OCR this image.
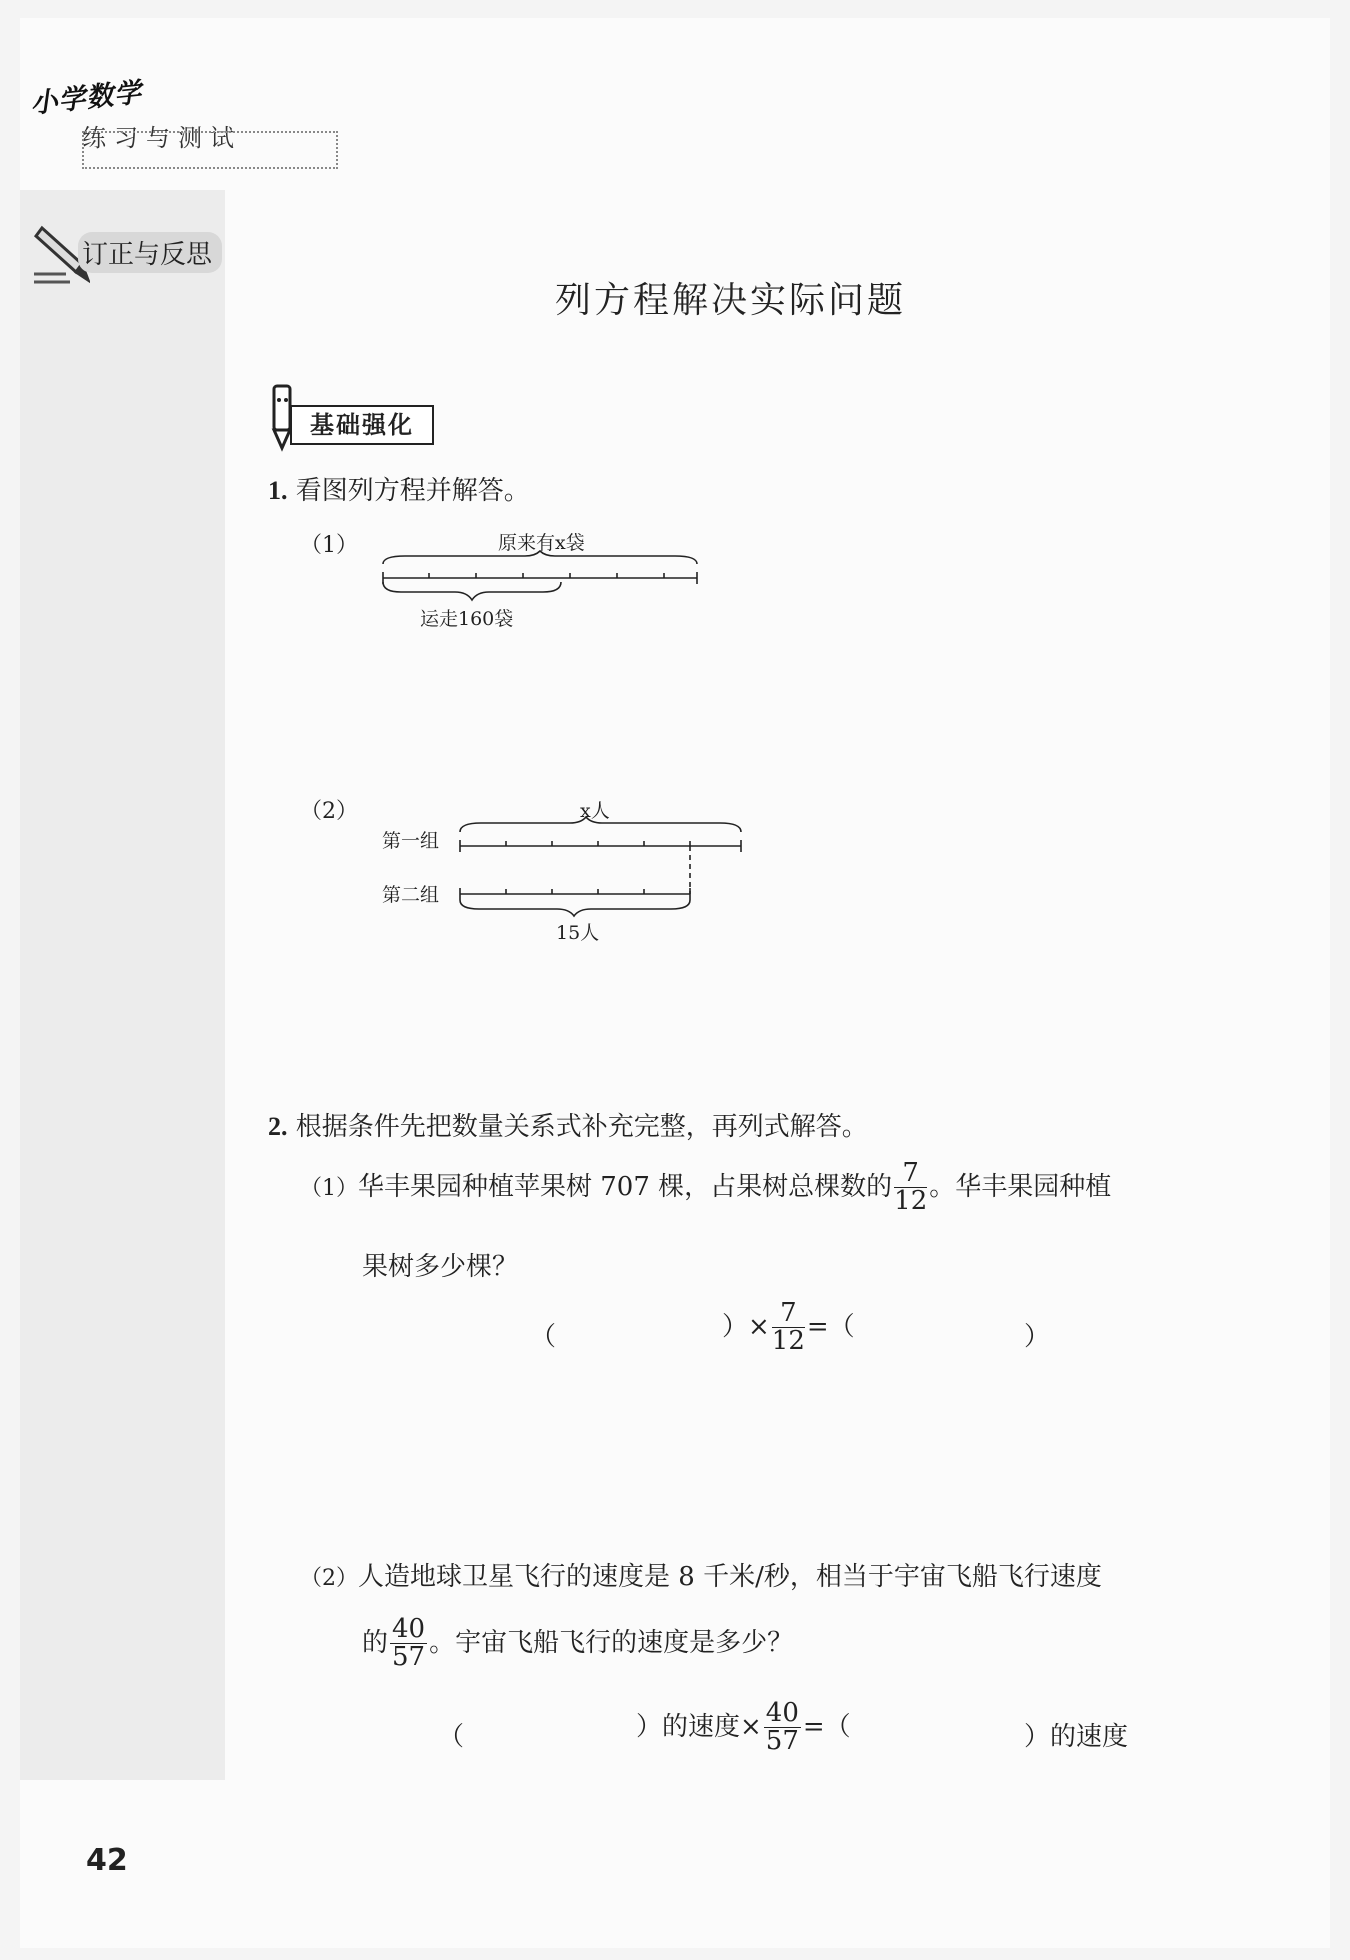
小学数学
练习与测试
订正与反思
列方程解决实际问题
基础强化
1. 看图列方程并解答。
（1）	原来有x袋
运走160袋
（2）	x人
第一组
第二组
15人
2. 根据条件先把数量关系式补充完整，再列式解答。
（1）华丰果园种植苹果树 707 棵，占果树总棵数的 $\frac{7}{12}$ 。华丰果园种植
果树多少棵？
（	）× $\frac{7}{12}$ =（	）
（2）人造地球卫星飞行的速度是 8 千米/秒，相当于宇宙飞船飞行速度
的 $\frac{40}{57}$ 。宇宙飞船飞行的速度是多少？
（	）的速度× $\frac{40}{57}$ =（	）的速度
42
